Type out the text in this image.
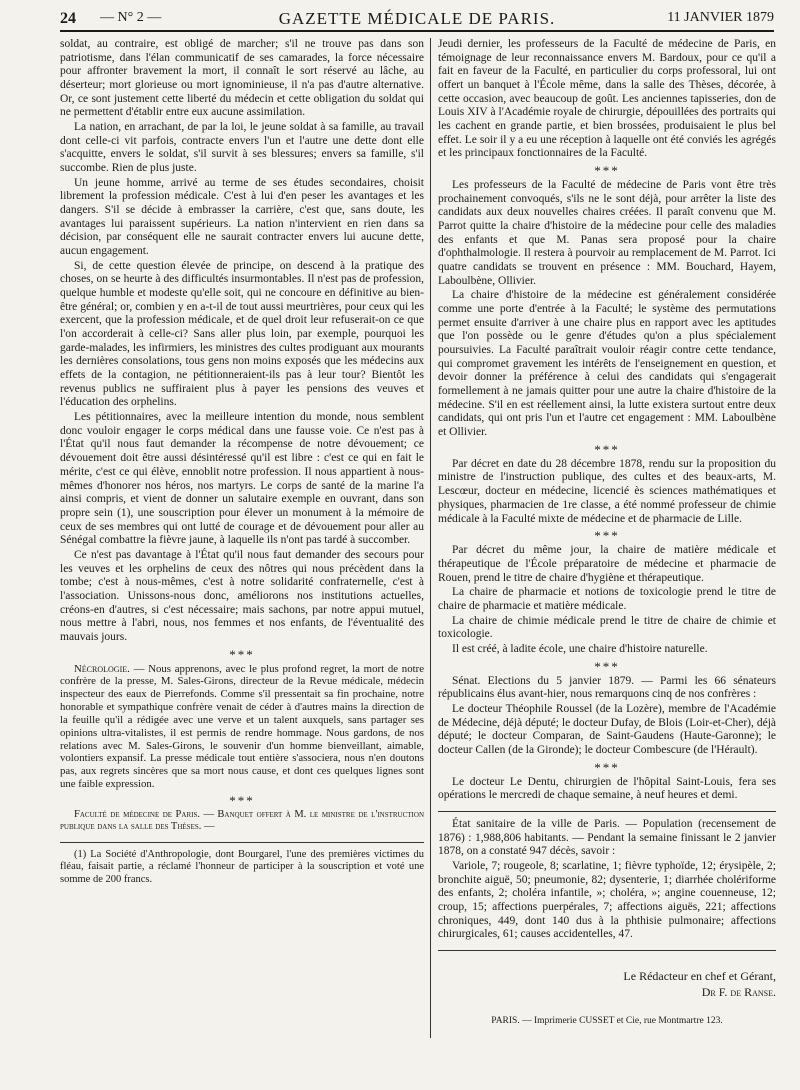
24 — N° 2 —	GAZETTE MÉDICALE DE PARIS.	11 JANVIER 1879

soldat, au contraire, est obligé de marcher; s'il ne trouve pas dans son patriotisme, dans l'élan communicatif de ses camarades, la force nécessaire pour affronter bravement la mort, il connaît le sort réservé au lâche, au déserteur; mort glorieuse ou mort ignominieuse, il n'a pas d'autre alternative. Or, ce sont justement cette liberté du médecin et cette obligation du soldat qui ne permettent d'établir entre eux aucune assimilation.

La nation, en arrachant, de par la loi, le jeune soldat à sa famille, au travail dont celle-ci vit parfois, contracte envers l'un et l'autre une dette dont elle s'acquitte, envers le soldat, s'il survit à ses blessures; envers sa famille, s'il succombe. Rien de plus juste.

Un jeune homme, arrivé au terme de ses études secondaires, choisit librement la profession médicale. C'est à lui d'en peser les avantages et les dangers. S'il se décide à embrasser la carrière, c'est que, sans doute, les avantages lui paraissent supérieurs. La nation n'intervient en rien dans sa décision, par conséquent elle ne saurait contracter envers lui aucune dette, aucun engagement.

Si, de cette question élevée de principe, on descend à la pratique des choses, on se heurte à des difficultés insurmontables. Il n'est pas de profession, quelque humble et modeste qu'elle soit, qui ne concoure en définitive au bien-être général; or, combien y en a-t-il de tout aussi meurtrières, pour ceux qui les exercent, que la profession médicale, et de quel droit leur refuserait-on ce que l'on accorderait à celle-ci? Sans aller plus loin, par exemple, pourquoi les garde-malades, les infirmiers, les ministres des cultes prodiguant aux mourants les dernières consolations, tous gens non moins exposés que les médecins aux effets de la contagion, ne pétitionneraient-ils pas à leur tour? Bientôt les revenus publics ne suffiraient plus à payer les pensions des veuves et l'éducation des orphelins.

Les pétitionnaires, avec la meilleure intention du monde, nous semblent donc vouloir engager le corps médical dans une fausse voie. Ce n'est pas à l'État qu'il nous faut demander la récompense de notre dévouement; ce dévouement doit être aussi désintéressé qu'il est libre : c'est ce qui en fait le mérite, c'est ce qui élève, ennoblit notre profession. Il nous appartient à nous-mêmes d'honorer nos héros, nos martyrs. Le corps de santé de la marine l'a ainsi compris, et vient de donner un salutaire exemple en ouvrant, dans son propre sein (1), une souscription pour élever un monument à la mémoire de ceux de ses membres qui ont lutté de courage et de dévouement pour aller au Sénégal combattre la fièvre jaune, à laquelle ils n'ont pas tardé à succomber.

Ce n'est pas davantage à l'État qu'il nous faut demander des secours pour les veuves et les orphelins de ceux des nôtres qui nous précèdent dans la tombe; c'est à nous-mêmes, c'est à notre solidarité confraternelle, c'est à l'association. Unissons-nous donc, améliorons nos institutions actuelles, créons-en d'autres, si c'est nécessaire; mais sachons, par notre appui mutuel, nous mettre à l'abri, nous, nos femmes et nos enfants, de l'éventualité des mauvais jours.

***

Nécrologie. — Nous apprenons, avec le plus profond regret, la mort de notre confrère de la presse, M. Sales-Girons, directeur de la Revue médicale, médecin inspecteur des eaux de Pierrefonds. Comme s'il pressentait sa fin prochaine, notre honorable et sympathique confrère venait de céder à d'autres mains la direction de la feuille qu'il a rédigée avec une verve et un talent auxquels, sans partager ses opinions ultra-vitalistes, il est permis de rendre hommage. Nous gardons, de nos relations avec M. Sales-Girons, le souvenir d'un homme bienveillant, aimable, volontiers expansif. La presse médicale tout entière s'associera, nous n'en doutons pas, aux regrets sincères que sa mort nous cause, et dont ces quelques lignes sont une faible expression.

***

Faculté de médecine de Paris. — Banquet offert à M. le ministre de l'instruction publique dans la salle des Thèses. —

(1) La Société d'Anthropologie, dont Bourgarel, l'une des premières victimes du fléau, faisait partie, a réclamé l'honneur de participer à la souscription et voté une somme de 200 francs.

Jeudi dernier, les professeurs de la Faculté de médecine de Paris, en témoignage de leur reconnaissance envers M. Bardoux, pour ce qu'il a fait en faveur de la Faculté, en particulier du corps professoral, lui ont offert un banquet à l'École même, dans la salle des Thèses, décorée, à cette occasion, avec beaucoup de goût. Les anciennes tapisseries, don de Louis XIV à l'Académie royale de chirurgie, dépouillées des portraits qui les cachent en grande partie, et bien brossées, produisaient le plus bel effet. Le soir il y a eu une réception à laquelle ont été conviés les agrégés et les principaux fonctionnaires de la Faculté.

***

Les professeurs de la Faculté de médecine de Paris vont être très prochainement convoqués, s'ils ne le sont déjà, pour arrêter la liste des candidats aux deux nouvelles chaires créées. Il paraît convenu que M. Parrot quitte la chaire d'histoire de la médecine pour celle des maladies des enfants et que M. Panas sera proposé pour la chaire d'ophthalmologie. Il restera à pourvoir au remplacement de M. Parrot. Ici quatre candidats se trouvent en présence : MM. Bouchard, Hayem, Laboulbène, Ollivier.

La chaire d'histoire de la médecine est généralement considérée comme une porte d'entrée à la Faculté; le système des permutations permet ensuite d'arriver à une chaire plus en rapport avec les aptitudes que l'on possède ou le genre d'études qu'on a plus spécialement poursuivies. La Faculté paraîtrait vouloir réagir contre cette tendance, qui compromet gravement les intérêts de l'enseignement en question, et devoir donner la préférence à celui des candidats qui s'engagerait formellement à ne jamais quitter pour une autre la chaire d'histoire de la médecine. S'il en est réellement ainsi, la lutte existera surtout entre deux candidats, qui ont pris l'un et l'autre cet engagement : MM. Laboulbène et Ollivier.

***

Par décret en date du 28 décembre 1878, rendu sur la proposition du ministre de l'instruction publique, des cultes et des beaux-arts, M. Lescœur, docteur en médecine, licencié ès sciences mathématiques et physiques, pharmacien de 1re classe, a été nommé professeur de chimie médicale à la Faculté mixte de médecine et de pharmacie de Lille.

***

Par décret du même jour, la chaire de matière médicale et thérapeutique de l'École préparatoire de médecine et pharmacie de Rouen, prend le titre de chaire d'hygiène et thérapeutique.

La chaire de pharmacie et notions de toxicologie prend le titre de chaire de pharmacie et matière médicale.

La chaire de chimie médicale prend le titre de chaire de chimie et toxicologie.

Il est créé, à ladite école, une chaire d'histoire naturelle.

***

Sénat. Elections du 5 janvier 1879. — Parmi les 66 sénateurs républicains élus avant-hier, nous remarquons cinq de nos confrères :

Le docteur Théophile Roussel (de la Lozère), membre de l'Académie de Médecine, déjà député; le docteur Dufay, de Blois (Loir-et-Cher), déjà député; le docteur Comparan, de Saint-Gaudens (Haute-Garonne); le docteur Callen (de la Gironde); le docteur Combescure (de l'Hérault).

***

Le docteur Le Dentu, chirurgien de l'hôpital Saint-Louis, fera ses opérations le mercredi de chaque semaine, à neuf heures et demi.

État sanitaire de la ville de Paris. — Population (recensement de 1876) : 1,988,806 habitants. — Pendant la semaine finissant le 2 janvier 1878, on a constaté 947 décès, savoir :

Variole, 7; rougeole, 8; scarlatine, 1; fièvre typhoïde, 12; érysipèle, 2; bronchite aiguë, 50; pneumonie, 82; dysenterie, 1; diarrhée cholériforme des enfants, 2; choléra infantile, »; choléra, »; angine couenneuse, 12; croup, 15; affections puerpérales, 7; affections aiguës, 221; affections chroniques, 449, dont 140 dus à la phthisie pulmonaire; affections chirurgicales, 61; causes accidentelles, 47.

Le Rédacteur en chef et Gérant,
Dr F. de Ranse.
PARIS. — Imprimerie CUSSET et Cie, rue Montmartre 123.
